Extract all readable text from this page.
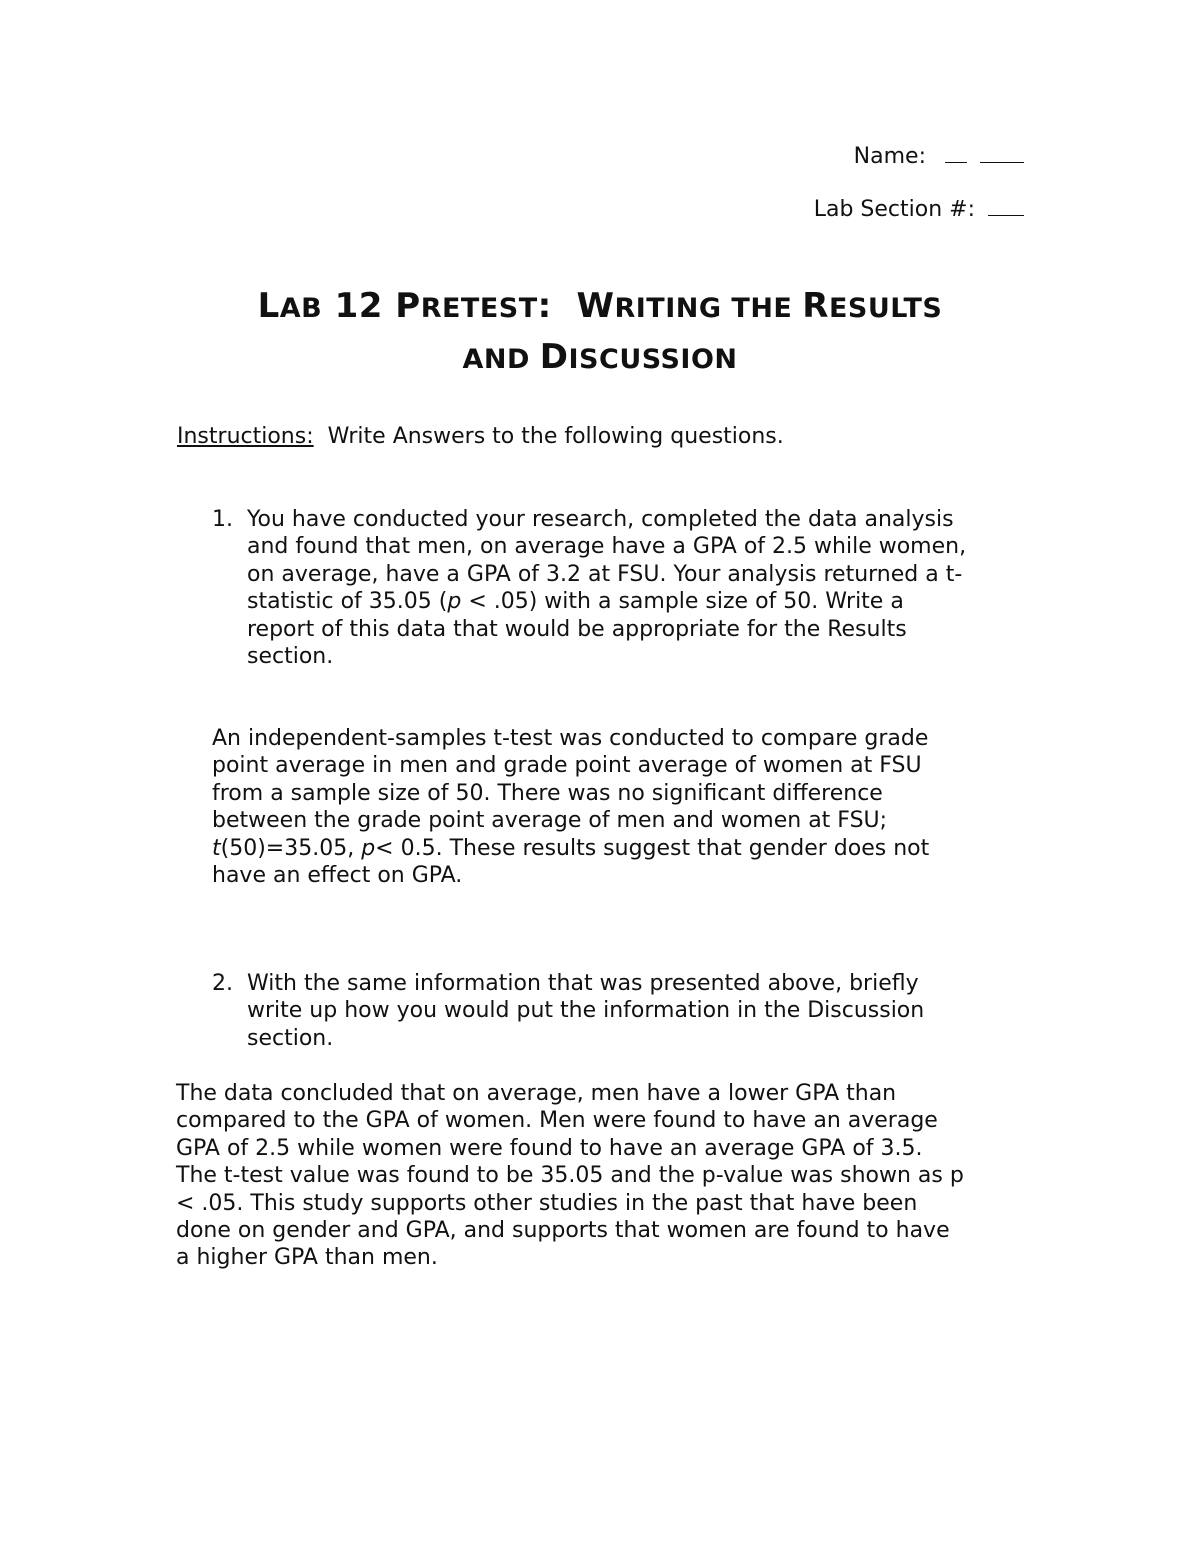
Name:
Lab Section #:
LAB 12 PRETEST:  WRITING THE RESULTS
AND DISCUSSION
Instructions:  Write Answers to the following questions.
1. You have conducted your research, completed the data analysis
and found that men, on average have a GPA of 2.5 while women,
on average, have a GPA of 3.2 at FSU. Your analysis returned a t-
statistic of 35.05 (p < .05) with a sample size of 50. Write a
report of this data that would be appropriate for the Results
section.
An independent-samples t-test was conducted to compare grade
point average in men and grade point average of women at FSU
from a sample size of 50. There was no significant difference
between the grade point average of men and women at FSU;
t(50)=35.05, p< 0.5. These results suggest that gender does not
have an effect on GPA.
2. With the same information that was presented above, briefly
write up how you would put the information in the Discussion
section.
The data concluded that on average, men have a lower GPA than
compared to the GPA of women. Men were found to have an average
GPA of 2.5 while women were found to have an average GPA of 3.5.
The t-test value was found to be 35.05 and the p-value was shown as p
< .05. This study supports other studies in the past that have been
done on gender and GPA, and supports that women are found to have
a higher GPA than men.
